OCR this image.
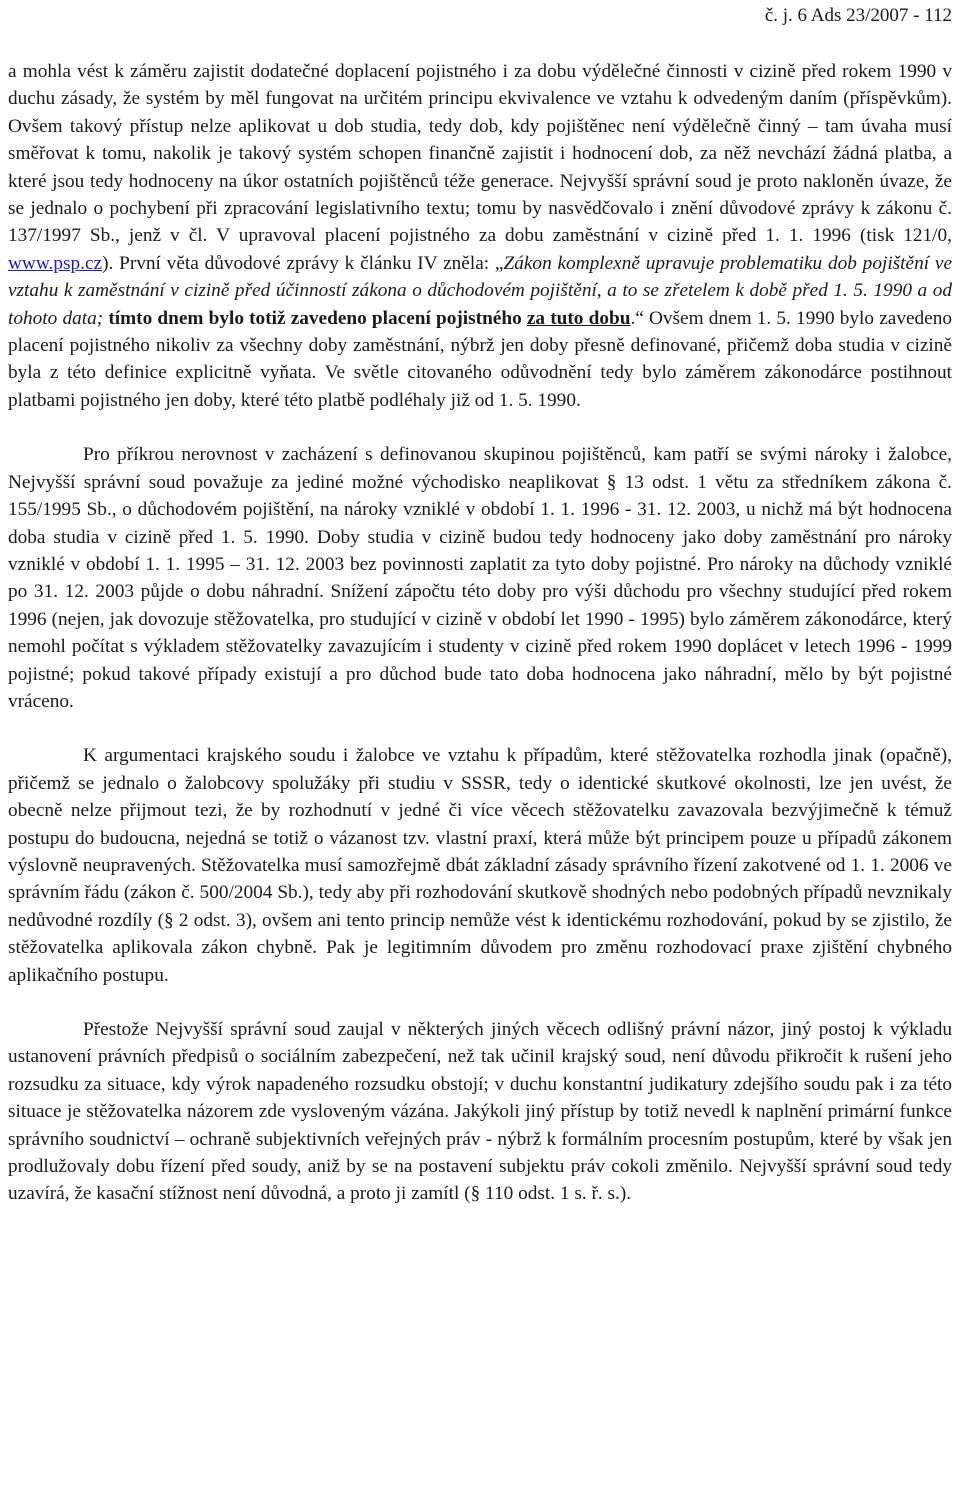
č. j. 6 Ads 23/2007 - 112

a mohla vést k záměru zajistit dodatečné doplacení pojistného i za dobu výdělečné činnosti v cizině před rokem 1990 v duchu zásady, že systém by měl fungovat na určitém principu ekvivalence ve vztahu k odvedeným daním (příspěvkům). Ovšem takový přístup nelze aplikovat u dob studia, tedy dob, kdy pojištěnec není výdělečně činný – tam úvaha musí směřovat k tomu, nakolik je takový systém schopen finančně zajistit i hodnocení dob, za něž nevchází žádná platba, a které jsou tedy hodnoceny na úkor ostatních pojištěnců téže generace. Nejvyšší správní soud je proto nakloněn úvaze, že se jednalo o pochybení při zpracování legislativního textu; tomu by nasvědčovalo i znění důvodové zprávy k zákonu č. 137/1997 Sb., jenž v čl. V upravoval placení pojistného za dobu zaměstnání v cizině před 1. 1. 1996 (tisk 121/0, www.psp.cz). První věta důvodové zprávy k článku IV zněla: „Zákon komplexně upravuje problematiku dob pojištění ve vztahu k zaměstnání v cizině před účinností zákona o důchodovém pojištění, a to se zřetelem k době před 1. 5. 1990 a od tohoto data; tímto dnem bylo totiž zavedeno placení pojistného za tuto dobu.“ Ovšem dnem 1. 5. 1990 bylo zavedeno placení pojistného nikoliv za všechny doby zaměstnání, nýbrž jen doby přesně definované, přičemž doba studia v cizině byla z této definice explicitně vyňata. Ve světle citovaného odůvodnění tedy bylo záměrem zákonodárce postihnout platbami pojistného jen doby, které této platbě podléhaly již od 1. 5. 1990.

Pro příkrou nerovnost v zacházení s definovanou skupinou pojištěnců, kam patří se svými nároky i žalobce, Nejvyšší správní soud považuje za jediné možné východisko neaplikovat § 13 odst. 1 větu za středníkem zákona č. 155/1995 Sb., o důchodovém pojištění, na nároky vzniklé v období 1. 1. 1996 - 31. 12. 2003, u nichž má být hodnocena doba studia v cizině před 1. 5. 1990. Doby studia v cizině budou tedy hodnoceny jako doby zaměstnání pro nároky vzniklé v období 1. 1. 1995 – 31. 12. 2003 bez povinnosti zaplatit za tyto doby pojistné. Pro nároky na důchody vzniklé po 31. 12. 2003 půjde o dobu náhradní. Snížení zápočtu této doby pro výši důchodu pro všechny studující před rokem 1996 (nejen, jak dovozuje stěžovatelka, pro studující v cizině v období let 1990 - 1995) bylo záměrem zákonodárce, který nemohl počítat s výkladem stěžovatelky zavazujícím i studenty v cizině před rokem 1990 doplácet v letech 1996 - 1999 pojistné; pokud takové případy existují a pro důchod bude tato doba hodnocena jako náhradní, mělo by být pojistné vráceno.

K argumentaci krajského soudu i žalobce ve vztahu k případům, které stěžovatelka rozhodla jinak (opačně), přičemž se jednalo o žalobcovy spolužáky při studiu v SSSR, tedy o identické skutkové okolnosti, lze jen uvést, že obecně nelze přijmout tezi, že by rozhodnutí v jedné či více věcech stěžovatelku zavazovala bezvýjimečně k témuž postupu do budoucna, nejedná se totiž o vázanost tzv. vlastní praxí, která může být principem pouze u případů zákonem výslovně neupravených. Stěžovatelka musí samozřejmě dbát základní zásady správního řízení zakotvené od 1. 1. 2006 ve správním řádu (zákon č. 500/2004 Sb.), tedy aby při rozhodování skutkově shodných nebo podobných případů nevznikaly nedůvodné rozdíly (§ 2 odst. 3), ovšem ani tento princip nemůže vést k identickému rozhodování, pokud by se zjistilo, že stěžovatelka aplikovala zákon chybně. Pak je legitimním důvodem pro změnu rozhodovací praxe zjištění chybného aplikačního postupu.

Přestože Nejvyšší správní soud zaujal v některých jiných věcech odlišný právní názor, jiný postoj k výkladu ustanovení právních předpisů o sociálním zabezpečení, než tak učinil krajský soud, není důvodu přikročit k rušení jeho rozsudku za situace, kdy výrok napadeného rozsudku obstojí; v duchu konstantní judikatury zdejšího soudu pak i za této situace je stěžovatelka názorem zde vysloveným vázána. Jakýkoli jiný přístup by totiž nevedl k naplnění primární funkce správního soudnictví – ochraně subjektivních veřejných práv - nýbrž k formálním procesním postupům, které by však jen prodlužovaly dobu řízení před soudy, aniž by se na postavení subjektu práv cokoli změnilo. Nejvyšší správní soud tedy uzavírá, že kasační stížnost není důvodná, a proto ji zamítl (§ 110 odst. 1 s. ř. s.).
